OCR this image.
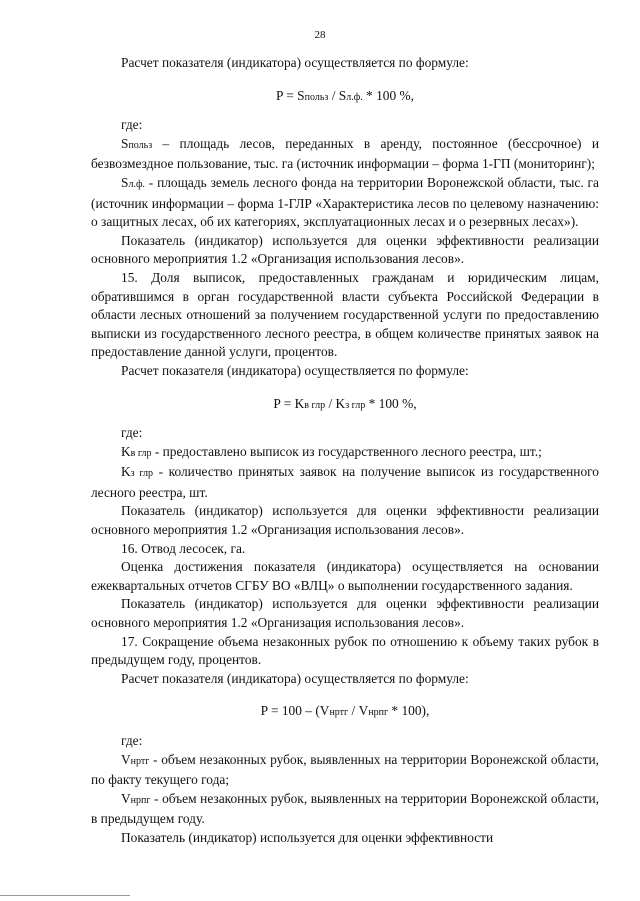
28

Расчет показателя (индикатора) осуществляется по формуле:

P = Sпольз / Sл.ф. * 100 %,

где:

Sпольз – площадь лесов, переданных в аренду, постоянное (бессрочное) и безвозмездное пользование, тыс. га (источник информации – форма 1-ГП (мониторинг);

Sл.ф. - площадь земель лесного фонда на территории Воронежской области, тыс. га (источник информации – форма 1-ГЛР «Характеристика лесов по целевому назначению: о защитных лесах, об их категориях, эксплуатационных лесах и о резервных лесах»).

Показатель (индикатор) используется для оценки эффективности реализации основного мероприятия 1.2 «Организация использования лесов».

15. Доля выписок, предоставленных гражданам и юридическим лицам, обратившимся в орган государственной власти субъекта Российской Федерации в области лесных отношений за получением государственной услуги по предоставлению выписки из государственного лесного реестра, в общем количестве принятых заявок на предоставление данной услуги, процентов.

Расчет показателя (индикатора) осуществляется по формуле:

P = Kв глр / Kз глр * 100 %,

где:

Kв глр - предоставлено выписок из государственного лесного реестра, шт.;

Kз глр - количество принятых заявок на получение выписок из государственного лесного реестра, шт.

Показатель (индикатор) используется для оценки эффективности реализации основного мероприятия 1.2 «Организация использования лесов».

16. Отвод лесосек, га.

Оценка достижения показателя (индикатора) осуществляется на основании ежеквартальных отчетов СГБУ ВО «ВЛЦ» о выполнении государственного задания.

Показатель (индикатор) используется для оценки эффективности реализации основного мероприятия 1.2 «Организация использования лесов».

17. Сокращение объема незаконных рубок по отношению к объему таких рубок в предыдущем году, процентов.

Расчет показателя (индикатора) осуществляется по формуле:

P = 100 – (Vнртг / Vнрпг * 100),

где:

Vнртг - объем незаконных рубок, выявленных на территории Воронежской области, по факту текущего года;

Vнрпг - объем незаконных рубок, выявленных на территории Воронежской области, в предыдущем году.

Показатель (индикатор) используется для оценки эффективности
